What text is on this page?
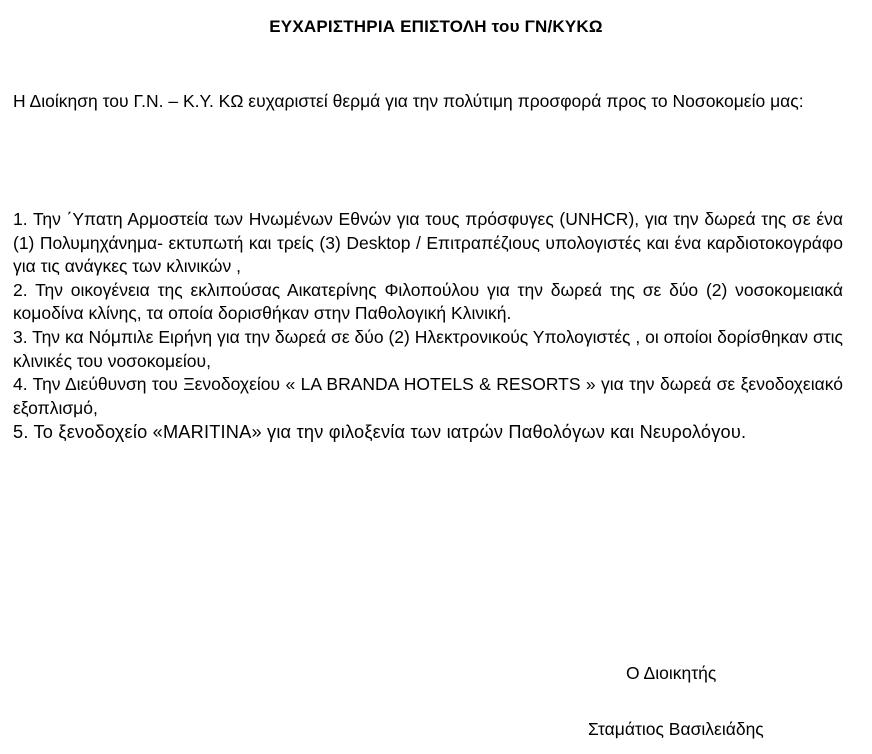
ΕΥΧΑΡΙΣΤΗΡΙΑ ΕΠΙΣΤΟΛΗ του ΓΝ/ΚΥΚΩ

Η Διοίκηση του Γ.Ν. – Κ.Υ. ΚΩ ευχαριστεί θερμά για την πολύτιμη προσφορά προς το Νοσοκομείο μας:

1. Την ΄Υπατη Αρμοστεία των Ηνωμένων Εθνών για τους πρόσφυγες (UNHCR), για την δωρεά της σε ένα (1) Πολυμηχάνημα- εκτυπωτή και τρείς (3) Desktop / Επιτραπέζιους υπολογιστές και ένα καρδιοτοκογράφο για τις ανάγκες των κλινικών ,
2. Την οικογένεια της εκλιπούσας Αικατερίνης Φιλοπούλου για την δωρεά της σε δύο (2) νοσοκομειακά κομοδίνα κλίνης, τα οποία δορισθήκαν στην Παθολογική Κλινική.
3. Την κα Νόμπιλε Ειρήνη για την δωρεά σε δύο (2) Ηλεκτρονικούς Υπολογιστές , οι οποίοι δορίσθηκαν στις κλινικές του νοσοκομείου,
4. Την Διεύθυνση του Ξενοδοχείου « LA BRANDA HOTELS & RESORTS » για την δωρεά σε ξενοδοχειακό εξοπλισμό,
5. Το ξενοδοχείο «MARITINA» για την φιλοξενία των ιατρών Παθολόγων και Νευρολόγου.

Ο Διοικητής

Σταμάτιος Βασιλειάδης
